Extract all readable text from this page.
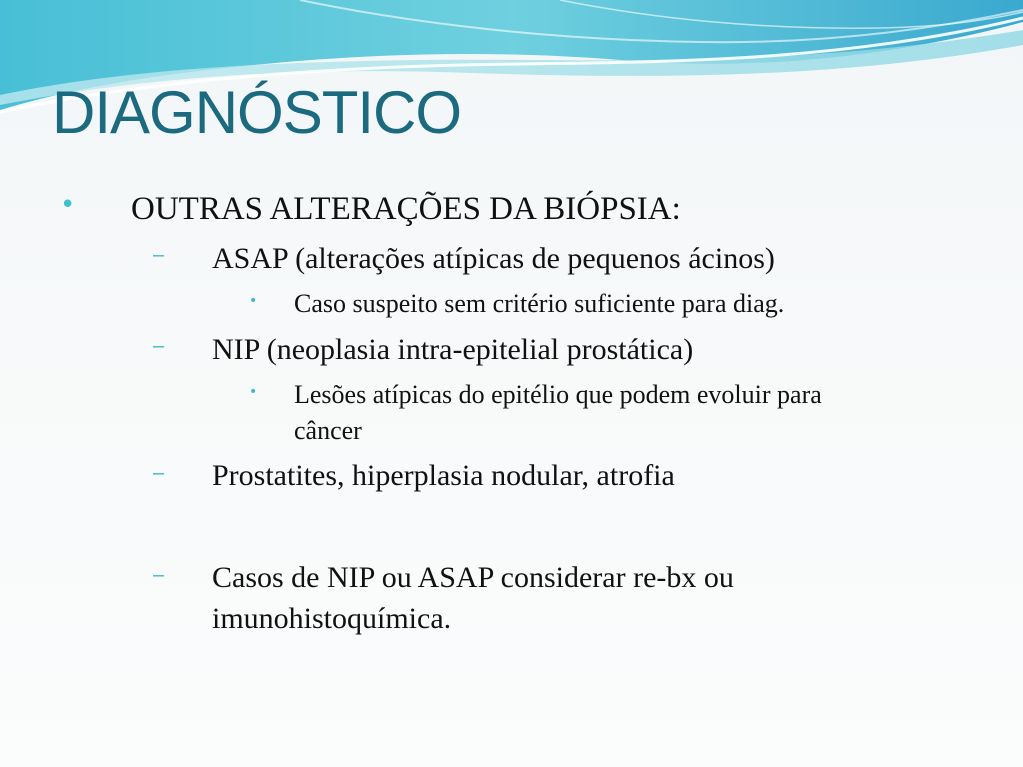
DIAGNÓSTICO
• OUTRAS ALTERAÇÕES DA BIÓPSIA:
– ASAP (alterações atípicas de pequenos ácinos)
• Caso suspeito sem critério suficiente para diag.
– NIP (neoplasia intra-epitelial prostática)
• Lesões atípicas do epitélio que podem evoluir para
câncer
– Prostatites, hiperplasia nodular, atrofia
– Casos de NIP ou ASAP considerar re-bx ou
imunohistoquímica.
